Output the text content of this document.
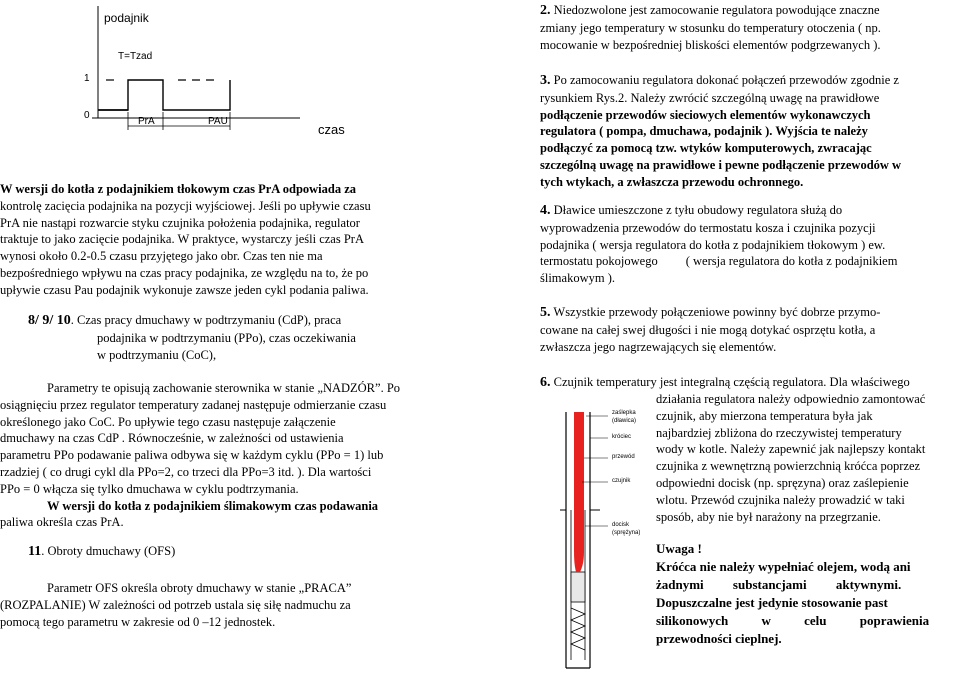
podajnik
T=Tzad
1
0
PrA	PAU
czas

W wersji do kotła z podajnikiem tłokowym czas PrA odpowiada za

kontrolę zacięcia podajnika na pozycji wyjściowej. Jeśli po upływie czasu

PrA nie nastąpi rozwarcie styku czujnika położenia podajnika, regulator

traktuje to jako zacięcie podajnika. W praktyce, wystarczy jeśli czas PrA

wynosi około 0.2-0.5 czasu przyjętego jako obr. Czas ten nie ma

bezpośredniego wpływu na czas pracy podajnika, ze względu na to, że po

upływie czasu Pau podajnik wykonuje zawsze jeden cykl podania paliwa.

8/ 9/ 10. Czas pracy dmuchawy w podtrzymaniu (CdP), praca

podajnika w podtrzymaniu (PPo), czas oczekiwania

w podtrzymaniu (CoC),

Parametry te opisują zachowanie sterownika w stanie „NADZÓR”. Po

osiągnięciu przez regulator temperatury zadanej następuje odmierzanie czasu

określonego jako CoC. Po upływie tego czasu następuje załączenie

dmuchawy na czas CdP . Równocześnie, w zależności od ustawienia

parametru PPo podawanie paliwa odbywa się w każdym cyklu (PPo = 1) lub

rzadziej ( co drugi cykl dla PPo=2, co trzeci dla PPo=3 itd. ). Dla wartości

PPo = 0 włącza się tylko dmuchawa w cyklu podtrzymania.

W wersji do kotła z podajnikiem ślimakowym czas podawania

paliwa określa czas PrA.

11. Obroty dmuchawy (OFS)

Parametr OFS określa obroty dmuchawy w stanie „PRACA”

(ROZPALANIE) W zależności od potrzeb ustala się siłę nadmuchu za

pomocą tego parametru w zakresie od 0 –12 jednostek.

2. Niedozwolone jest zamocowanie regulatora powodujące znaczne

zmiany jego temperatury w stosunku do temperatury otoczenia ( np.

mocowanie w bezpośredniej bliskości elementów podgrzewanych ).

3. Po zamocowaniu regulatora dokonać połączeń przewodów zgodnie z

rysunkiem Rys.2. Należy zwrócić szczególną uwagę na prawidłowe

podłączenie przewodów sieciowych elementów wykonawczych

regulatora ( pompa, dmuchawa, podajnik ). Wyjścia te należy

podłączyć za pomocą tzw. wtyków komputerowych, zwracając

szczególną uwagę na prawidłowe i pewne podłączenie przewodów w

tych wtykach, a zwłaszcza przewodu ochronnego.

4. Dławice umieszczone z tyłu obudowy regulatora służą do

wyprowadzenia przewodów do termostatu kosza i czujnika pozycji

podajnika ( wersja regulatora do kotła z podajnikiem tłokowym ) ew.

termostatu pokojowego ( wersja regulatora do kotła z podajnikiem

ślimakowym ).

5. Wszystkie przewody połączeniowe powinny być dobrze przymo-

cowane na całej swej długości i nie mogą dotykać osprzętu kotła, a

zwłaszcza jego nagrzewających się elementów.

6. Czujnik temperatury jest integralną częścią regulatora. Dla właściwego

działania regulatora należy odpowiednio zamontować

czujnik, aby mierzona temperatura była jak

najbardziej zbliżona do rzeczywistej temperatury

wody w kotle. Należy zapewnić jak najlepszy kontakt

czujnika z wewnętrzną powierzchnią króćca poprzez

odpowiedni docisk (np. spręzyna) oraz zaślepienie

wlotu. Przewód czujnika należy prowadzić w taki

sposób, aby nie był narażony na przegrzanie.

zaślepka
(dławica)
króciec
przewód
czujnik
docisk
(sprężyna)

Uwaga !

Króćca nie należy wypełniać olejem, wodą ani

żadnymi substancjami aktywnymi.

Dopuszczalne jest jedynie stosowanie past

silikonowych w celu poprawienia

przewodności cieplnej.
